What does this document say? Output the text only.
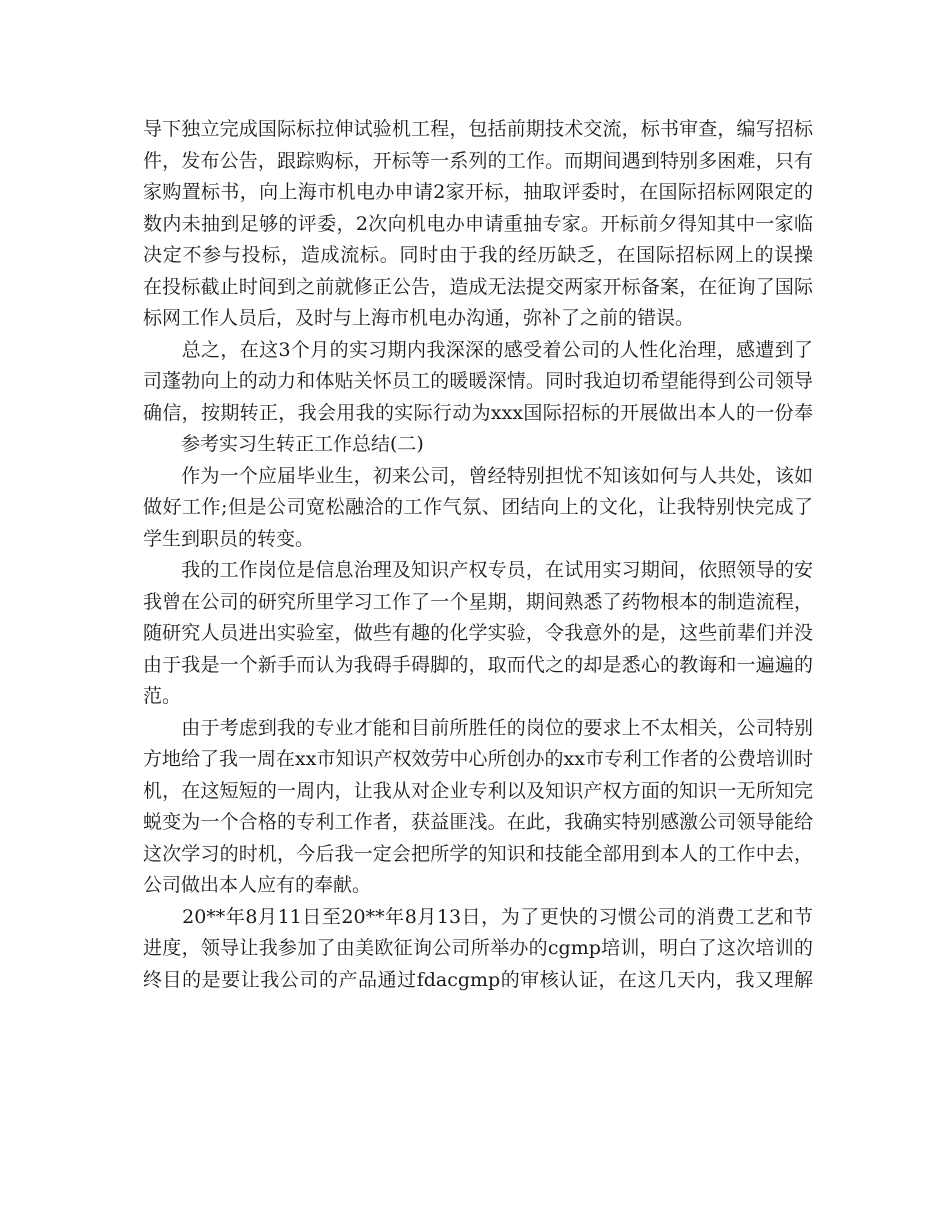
导下独立完成国际标拉伸试验机工程，包括前期技术交流，标书审查，编写招标
件，发布公告，跟踪购标，开标等一系列的工作。而期间遇到特别多困难，只有
家购置标书，向上海市机电办申请2家开标，抽取评委时，在国际招标网限定的
数内未抽到足够的评委，2次向机电办申请重抽专家。开标前夕得知其中一家临
决定不参与投标，造成流标。同时由于我的经历缺乏，在国际招标网上的误操
在投标截止时间到之前就修正公告，造成无法提交两家开标备案，在征询了国际
标网工作人员后，及时与上海市机电办沟通，弥补了之前的错误。
　　总之，在这3个月的实习期内我深深的感受着公司的人性化治理，感遭到了
司蓬勃向上的动力和体贴关怀员工的暖暖深情。同时我迫切希望能得到公司领导
确信，按期转正，我会用我的实际行动为xxx国际招标的开展做出本人的一份奉
　　参考实习生转正工作总结(二)
　　作为一个应届毕业生，初来公司，曾经特别担忧不知该如何与人共处，该如
做好工作;但是公司宽松融洽的工作气氛、团结向上的文化，让我特别快完成了
学生到职员的转变。
　　我的工作岗位是信息治理及知识产权专员，在试用实习期间，依照领导的安
我曾在公司的研究所里学习工作了一个星期，期间熟悉了药物根本的制造流程，
随研究人员进出实验室，做些有趣的化学实验，令我意外的是，这些前辈们并没
由于我是一个新手而认为我碍手碍脚的，取而代之的却是悉心的教诲和一遍遍的
范。
　　由于考虑到我的专业才能和目前所胜任的岗位的要求上不太相关，公司特别
方地给了我一周在xx市知识产权效劳中心所创办的xx市专利工作者的公费培训时
机，在这短短的一周内，让我从对企业专利以及知识产权方面的知识一无所知完
蜕变为一个合格的专利工作者，获益匪浅。在此，我确实特别感激公司领导能给
这次学习的时机，今后我一定会把所学的知识和技能全部用到本人的工作中去，
公司做出本人应有的奉献。
　　20**年8月11日至20**年8月13日，为了更快的习惯公司的消费工艺和节
进度，领导让我参加了由美欧征询公司所举办的cgmp培训，明白了这次培训的
终目的是要让我公司的产品通过fdacgmp的审核认证，在这几天内，我又理解
